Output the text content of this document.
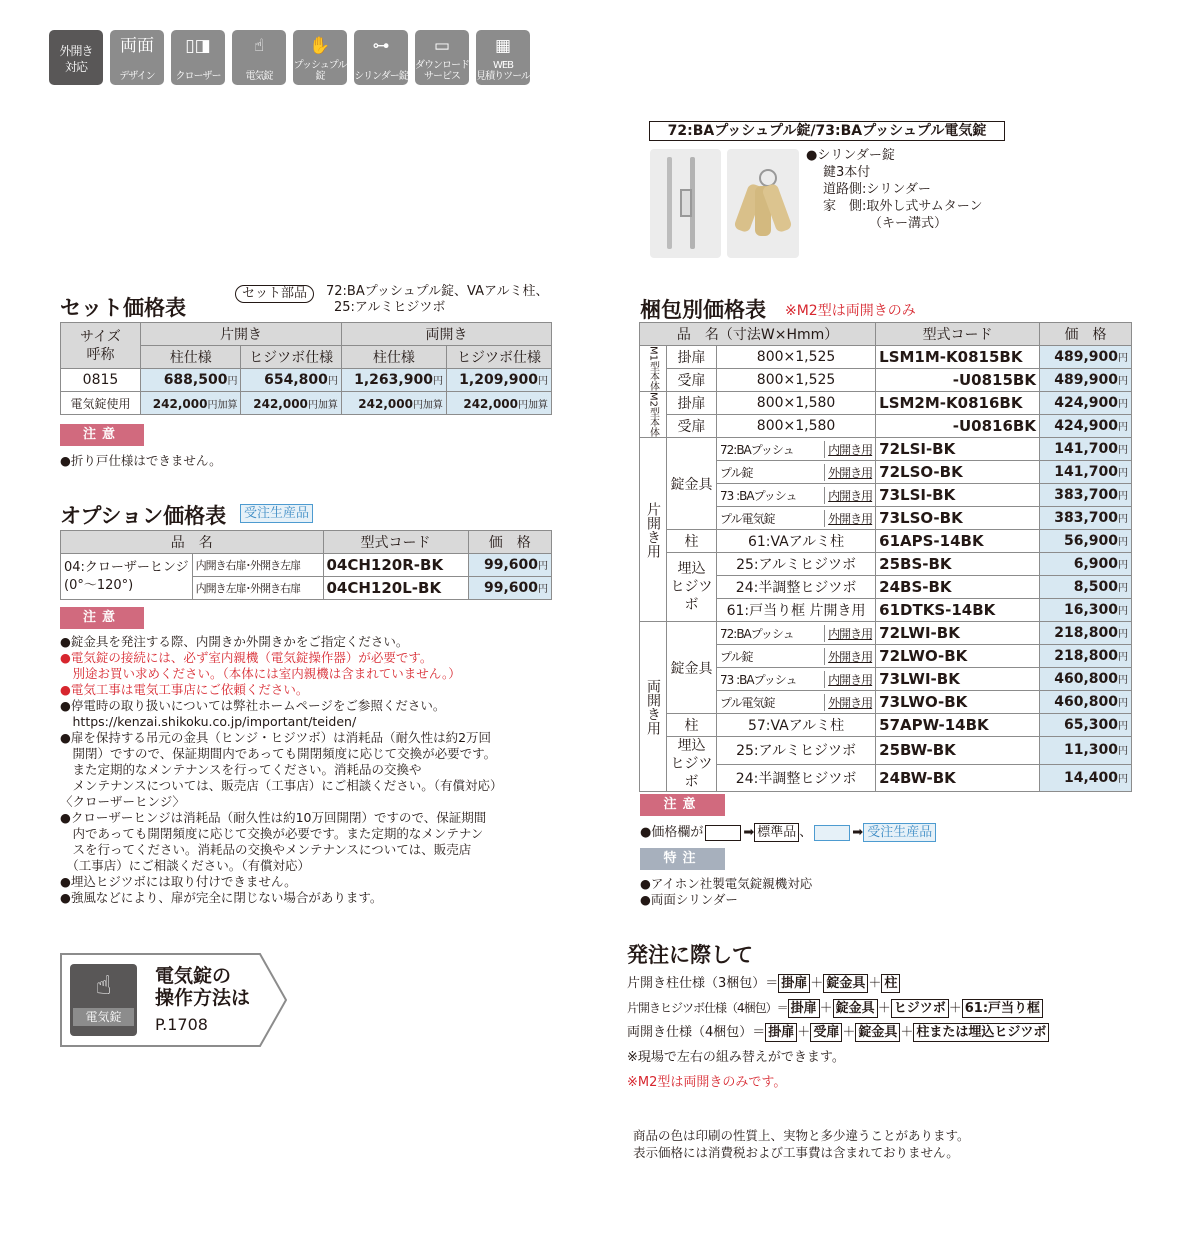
外開き
対応
両面
デザイン
▯◨
クローザー
☝
電気錠
✋
プッシュプル錠
⊶
シリンダー錠
▭
ダウンロード
サービス
▦
WEB
見積りツール
72:BAプッシュプル錠/73:BAプッシュプル電気錠
●シリンダー錠
鍵3本付
道路側:シリンダー
家　側:取外し式サムターン
（キー溝式）
セット価格表
セット部品	72:BAプッシュプル錠、VAアルミ柱、
25:アルミヒジツボ
サイズ
呼称	片開き		両開き	
	柱仕様	ヒジツボ仕様	柱仕様	ヒジツボ仕様
0815	688,500円	654,800円	1,263,900円	1,209,900円
電気錠使用	242,000円加算	242,000円加算	242,000円加算	242,000円加算
注意
●折り戸仕様はできません。
オプション価格表	受注生産品
品　名		型式コード	価　格

04:クローザーヒンジ
(0°〜120°)	内開き右扉･外開き左扉	04CH120R-BK	99,600円
	内開き左扉･外開き右扉	04CH120L-BK	99,600円
注意
●錠金具を発注する際、内開きか外開きかをご指定ください。
●電気錠の接続には、必ず室内親機（電気錠操作器）が必要です。
　別途お買い求めください。（本体には室内親機は含まれていません。）
●電気工事は電気工事店にご依頼ください。
●停電時の取り扱いについては弊社ホームページをご参照ください。
　https://kenzai.shikoku.co.jp/important/teiden/
●扉を保持する吊元の金具（ヒンジ・ヒジツボ）は消耗品（耐久性は約2万回
　開閉）ですので、保証期間内であっても開閉頻度に応じて交換が必要です。
　また定期的なメンテナンスを行ってください。消耗品の交換や
　メンテナンスについては、販売店（工事店）にご相談ください。（有償対応）
〈クローザーヒンジ〉
●クローザーヒンジは消耗品（耐久性は約10万回開閉）ですので、保証期間
　内であっても開閉頻度に応じて交換が必要です。また定期的なメンテナン
　スを行ってください。消耗品の交換やメンテナンスについては、販売店
　（工事店）にご相談ください。（有償対応）
●埋込ヒジツボには取り付けできません。
●強風などにより、扉が完全に閉じない場合があります。
☝
電気錠
電気錠の
操作方法は
P.1708
梱包別価格表 ※M2型は両開きのみ
品　名（寸法W×Hmm）			型式コード	価　格
M1型本体	掛扉	800×1,525	LSM1M-K0815BK	489,900円
	受扉	800×1,525	-U0815BK	489,900円
M2型本体	掛扉	800×1,580	LSM2M-K0816BK	424,900円
	受扉	800×1,580	-U0816BK	424,900円
片開き用	錠金具	72:BAプッシュ 内開き用	72LSI-BK	141,700円
		プル錠 外開き用	72LSO-BK	141,700円
		73 :BAプッシュ 内開き用	73LSI-BK	383,700円
		プル電気錠 外開き用	73LSO-BK	383,700円
	柱	61:VAアルミ柱	61APS-14BK	56,900円
	埋込
ヒジツボ	25:アルミヒジツボ	25BS-BK	6,900円
		24:半調整ヒジツボ	24BS-BK	8,500円
		61:戸当り框 片開き用	61DTKS-14BK	16,300円
両開き用	錠金具	72:BAプッシュ 内開き用	72LWI-BK	218,800円
		プル錠 外開き用	72LWO-BK	218,800円
		73 :BAプッシュ 内開き用	73LWI-BK	460,800円
		プル電気錠 外開き用	73LWO-BK	460,800円
	柱	57:VAアルミ柱	57APW-14BK	65,300円
	埋込
ヒジツボ	25:アルミヒジツボ	25BW-BK	11,300円
		24:半調整ヒジツボ	24BW-BK	14,400円
注意
●価格欄が	➡ 標準品 、	➡ 受注生産品
特注
●アイホン社製電気錠親機対応
●両面シリンダー
発注に際して
片開き柱仕様（3梱包）＝ 掛扉 ＋ 錠金具 ＋ 柱
片開きヒジツボ仕様（4梱包）＝ 掛扉 ＋ 錠金具 ＋ ヒジツボ ＋ 61:戸当り框
両開き仕様（4梱包）＝ 掛扉 ＋ 受扉 ＋ 錠金具 ＋ 柱または埋込ヒジツボ
※現場で左右の組み替えができます。
※M2型は両開きのみです。
商品の色は印刷の性質上、実物と多少違うことがあります。
表示価格には消費税および工事費は含まれておりません。
